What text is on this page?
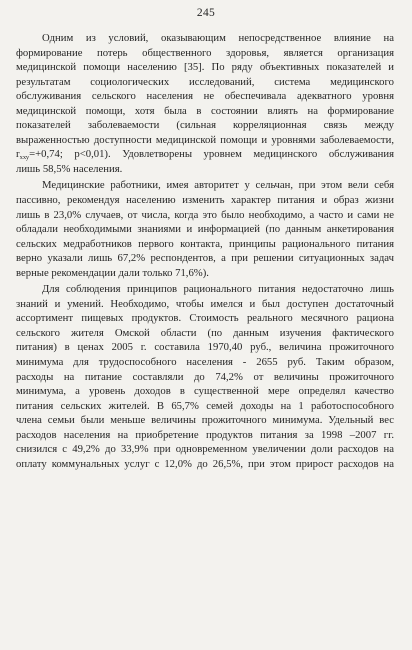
245
Одним из условий, оказывающим непосредственное влияние на
формирование потерь общественного здоровья, является организация
медицинской помощи населению [35]. По ряду объективных показателей и
результатам социологических исследований, система медицинского
обслуживания сельского населения не обеспечивала адекватного уровня
медицинской помощи, хотя была в состоянии влиять на формирование
показателей заболеваемости (сильная корреляционная связь между
выраженностью доступности медицинской помощи и уровнями заболеваемости,
$r_{хху}=+0,74$; p<0,01). Удовлетворены уровнем медицинского обслуживания
лишь 58,5% населения.
Медицинские работники, имея авторитет у сельчан, при этом вели себя
пассивно, рекомендуя населению изменить характер питания и образ жизни
лишь в 23,0% случаев, от числа, когда это было необходимо, а часто и сами не
обладали необходимыми знаниями и информацией (по данным анкетирования
сельских медработников первого контакта, принципы рационального питания
верно указали лишь 67,2% респондентов, а при решении ситуационных задач
верные рекомендации дали только 71,6%).
Для соблюдения принципов рационального питания недостаточно лишь
знаний и умений. Необходимо, чтобы имелся и был доступен достаточный
ассортимент пищевых продуктов. Стоимость реального месячного рациона
сельского жителя Омской области (по данным изучения фактического
питания) в ценах 2005 г. составила 1970,40 руб., величина прожиточного
минимума для трудоспособного населения - 2655 руб. Таким образом,
расходы на питание составляли до 74,2% от величины прожиточного
минимума, а уровень доходов в существенной мере определял качество
питания сельских жителей. В 65,7% семей доходы на 1 работоспособного
члена семьи были меньше величины прожиточного минимума. Удельный вес
расходов населения на приобретение продуктов питания за 1998 –2007 гг.
снизился с 49,2% до 33,9% при одновременном увеличении доли расходов на
оплату коммунальных услуг с 12,0% до 26,5%, при этом прирост расходов на
